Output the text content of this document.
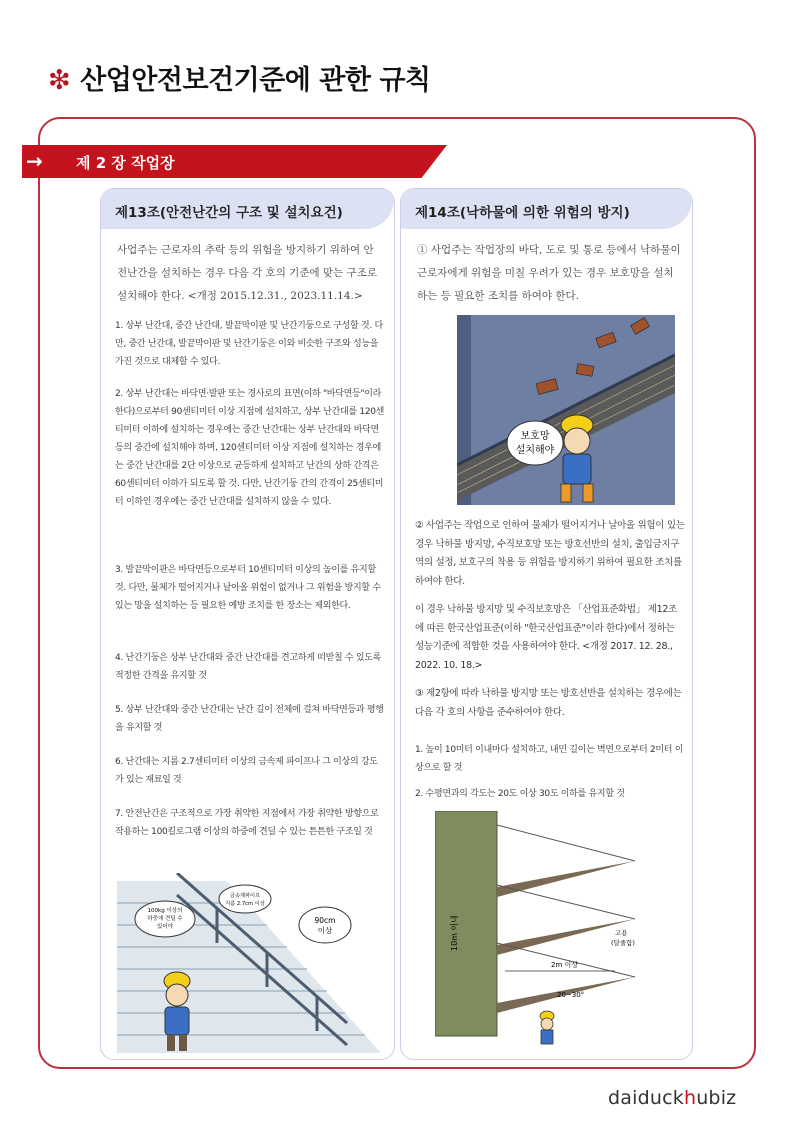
❇ 산업안전보건기준에 관한 규칙
→ 제 2 장 작업장
제13조(안전난간의 구조 및 설치요건)
사업주는 근로자의 추락 등의 위험을 방지하기 위하여 안전난간을 설치하는 경우 다음 각 호의 기준에 맞는 구조로 설치해야 한다. <개정 2015.12.31., 2023.11.14.>
1. 상부 난간대, 중간 난간대, 발끝막이판 및 난간기둥으로 구성할 것. 다만, 중간 난간대, 발끝막이판 및 난간기둥은 이와 비슷한 구조와 성능을 가진 것으로 대체할 수 있다.
2. 상부 난간대는 바닥면·발판 또는 경사로의 표면(이하 "바닥면등"이라 한다)으로부터 90센티미터 이상 지점에 설치하고, 상부 난간대를 120센티미터 이하에 설치하는 경우에는 중간 난간대는 상부 난간대와 바닥면등의 중간에 설치해야 하며, 120센티미터 이상 지점에 설치하는 경우에는 중간 난간대를 2단 이상으로 균등하게 설치하고 난간의 상하 간격은 60센티미터 이하가 되도록 할 것. 다만, 난간기둥 간의 간격이 25센티미터 이하인 경우에는 중간 난간대를 설치하지 않을 수 있다.
3. 발끝막이판은 바닥면등으로부터 10센티미터 이상의 높이를 유지할 것. 다만, 물체가 떨어지거나 날아올 위험이 없거나 그 위험을 방지할 수 있는 망을 설치하는 등 필요한 예방 조치를 한 장소는 제외한다.
4. 난간기둥은 상부 난간대와 중간 난간대를 견고하게 떠받칠 수 있도록 적정한 간격을 유지할 것
5. 상부 난간대와 중간 난간대는 난간 길이 전체에 걸쳐 바닥면등과 평행을 유지할 것
6. 난간대는 지름 2.7센티미터 이상의 금속제 파이프나 그 이상의 강도가 있는 재료일 것
7. 안전난간은 구조적으로 가장 취약한 지점에서 가장 취약한 방향으로 작용하는 100킬로그램 이상의 하중에 견딜 수 있는 튼튼한 구조일 것
100kg 이상의
하중에 견딜 수
있어야
금속제파이프
지름 2.7cm 이상
90cm
이상
제14조(낙하물에 의한 위험의 방지)
① 사업주는 작업장의 바닥, 도로 및 통로 등에서 낙하물이 근로자에게 위험을 미칠 우려가 있는 경우 보호망을 설치하는 등 필요한 조치를 하여야 한다.
보호망
설치해야
② 사업주는 작업으로 인하여 물체가 떨어지거나 날아올 위험이 있는 경우 낙하물 방지망, 수직보호망 또는 방호선반의 설치, 출입금지구역의 설정, 보호구의 착용 등 위험을 방지하기 위하여 필요한 조치를 하여야 한다.
이 경우 낙하물 방지망 및 수직보호망은 「산업표준화법」 제12조에 따른 한국산업표준(이하 "한국산업표준"이라 한다)에서 정하는 성능기준에 적합한 것을 사용하여야 한다. <개정 2017. 12. 28., 2022. 10. 18.>
③ 제2항에 따라 낙하물 방지망 또는 방호선반을 설치하는 경우에는 다음 각 호의 사항을 준수하여야 한다.
1. 높이 10미터 이내마다 설치하고, 내민 길이는 벽면으로부터 2미터 이상으로 할 것
2. 수평면과의 각도는 20도 이상 30도 이하를 유지할 것
10m 이내
2m 이상
20~30°
고용
(달줄함)
daiduckhubiz
